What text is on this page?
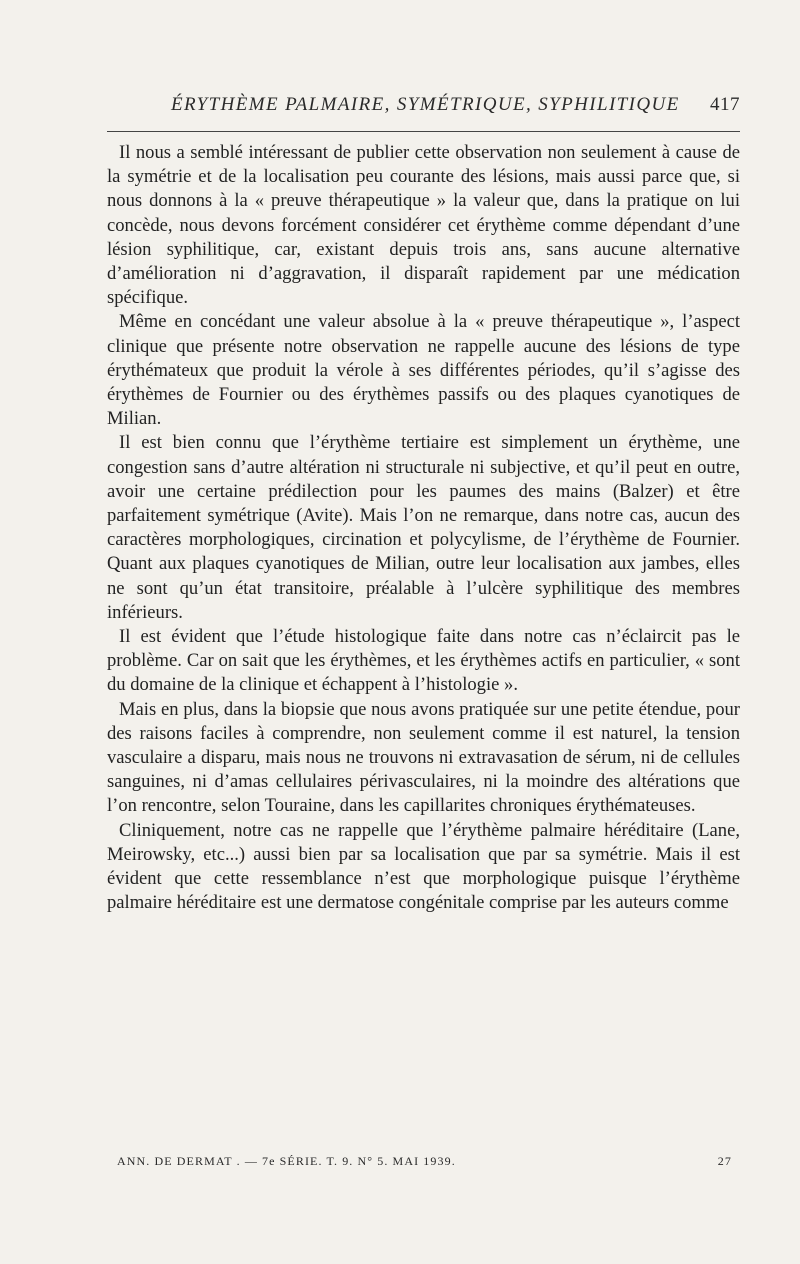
ÉRYTHÈME PALMAIRE, SYMÉTRIQUE, SYPHILITIQUE 417

Il nous a semblé intéressant de publier cette observation non seulement à cause de la symétrie et de la localisation peu courante des lésions, mais aussi parce que, si nous donnons à la « preuve thérapeutique » la valeur que, dans la pratique on lui concède, nous devons forcément considérer cet érythème comme dépendant d’une lésion syphilitique, car, existant depuis trois ans, sans aucune alternative d’amélioration ni d’aggravation, il disparaît rapidement par une médication spécifique.

Même en concédant une valeur absolue à la « preuve thérapeutique », l’aspect clinique que présente notre observation ne rappelle aucune des lésions de type érythémateux que produit la vérole à ses différentes périodes, qu’il s’agisse des érythèmes de Fournier ou des érythèmes passifs ou des plaques cyanotiques de Milian.

Il est bien connu que l’érythème tertiaire est simplement un érythème, une congestion sans d’autre altération ni structurale ni subjective, et qu’il peut en outre, avoir une certaine prédilection pour les paumes des mains (Balzer) et être parfaitement symétrique (Avite). Mais l’on ne remarque, dans notre cas, aucun des caractères morphologiques, circination et polycylisme, de l’érythème de Fournier. Quant aux plaques cyanotiques de Milian, outre leur localisation aux jambes, elles ne sont qu’un état transitoire, préalable à l’ulcère syphilitique des membres inférieurs.

Il est évident que l’étude histologique faite dans notre cas n’éclaircit pas le problème. Car on sait que les érythèmes, et les érythèmes actifs en particulier, « sont du domaine de la clinique et échappent à l’histologie ».

Mais en plus, dans la biopsie que nous avons pratiquée sur une petite étendue, pour des raisons faciles à comprendre, non seulement comme il est naturel, la tension vasculaire a disparu, mais nous ne trouvons ni extravasation de sérum, ni de cellules sanguines, ni d’amas cellulaires périvasculaires, ni la moindre des altérations que l’on rencontre, selon Touraine, dans les capillarites chroniques érythémateuses.

Cliniquement, notre cas ne rappelle que l’érythème palmaire héréditaire (Lane, Meirowsky, etc...) aussi bien par sa localisation que par sa symétrie. Mais il est évident que cette ressemblance n’est que morphologique puisque l’érythème palmaire héréditaire est une dermatose congénitale comprise par les auteurs comme

ANN. DE DERMAT . — 7e SÉRIE. T. 9. N° 5. MAI 1939.	27
